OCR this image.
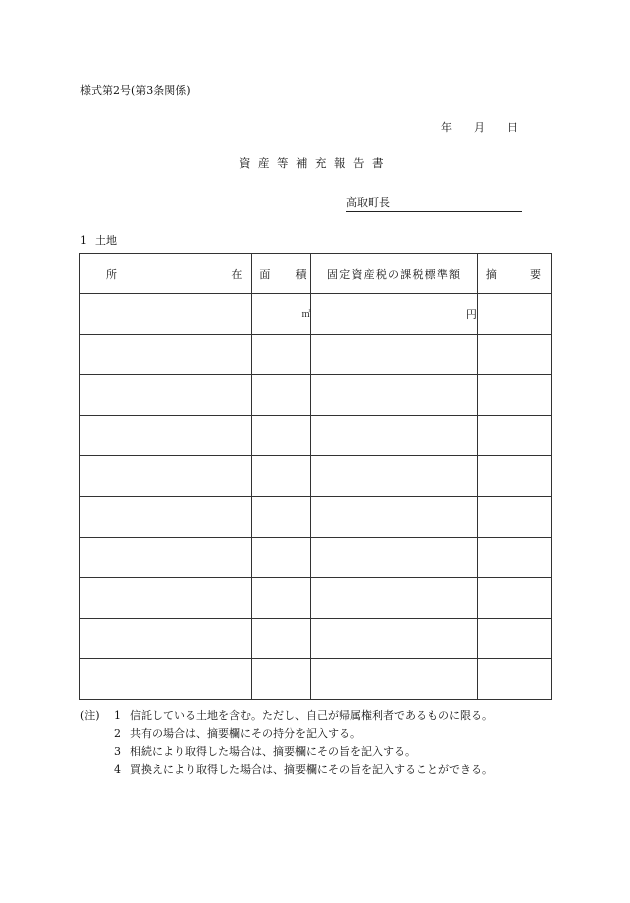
様式第2号(第3条関係)
年 月 日
資産等補充報告書
高取町長
1 土地
所 在	面 積	固定資産税の課税標準額	摘 要

	㎡	円	

(注) 1 信託している土地を含む。ただし、自己が帰属権利者であるものに限る。
2 共有の場合は、摘要欄にその持分を記入する。
3 相続により取得した場合は、摘要欄にその旨を記入する。
4 買換えにより取得した場合は、摘要欄にその旨を記入することができる。
